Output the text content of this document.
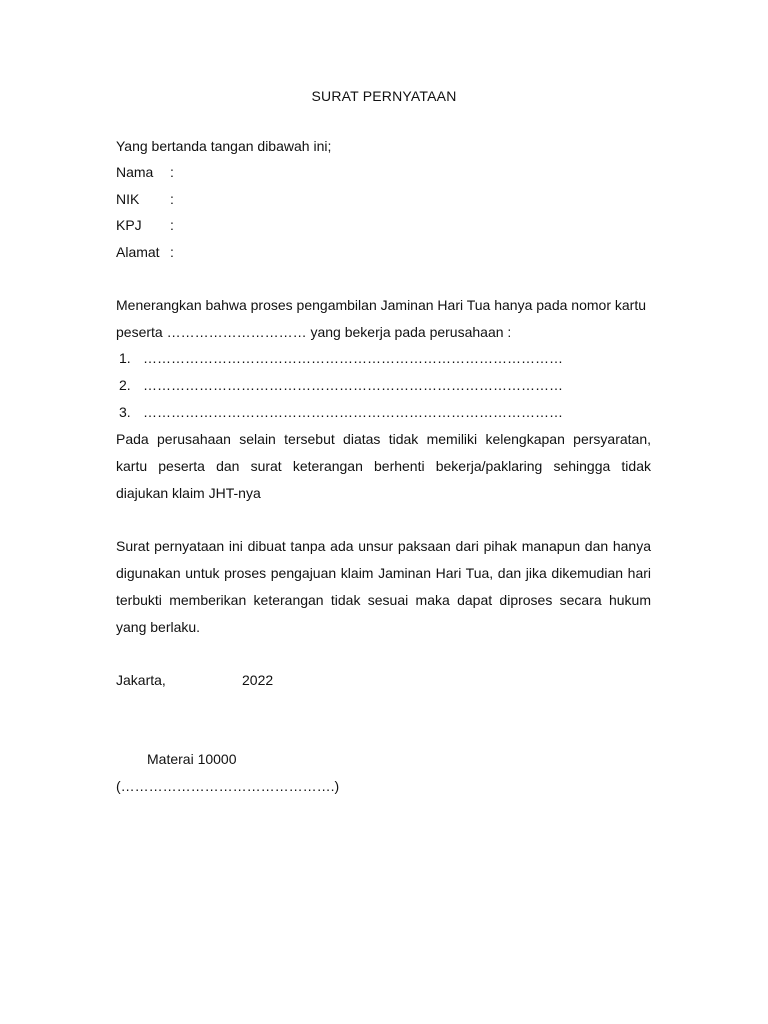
SURAT PERNYATAAN
Yang bertanda tangan dibawah ini;
Nama :
NIK :
KPJ :
Alamat :
Menerangkan bahwa proses pengambilan Jaminan Hari Tua hanya pada nomor kartu
peserta ………………………… yang bekerja pada perusahaan :
1. ………………………………………………………………………………
2. ………………………………………………………………………………
3. ………………………………………………………………………………
Pada perusahaan selain tersebut diatas tidak memiliki kelengkapan persyaratan,
kartu peserta dan surat keterangan berhenti bekerja/paklaring sehingga tidak
diajukan klaim JHT-nya
Surat pernyataan ini dibuat tanpa ada unsur paksaan dari pihak manapun dan hanya
digunakan untuk proses pengajuan klaim Jaminan Hari Tua, dan jika dikemudian hari
terbukti memberikan keterangan tidak sesuai maka dapat diproses secara hukum
yang berlaku.
Jakarta,	2022
Materai 10000
(……………………………………….)
